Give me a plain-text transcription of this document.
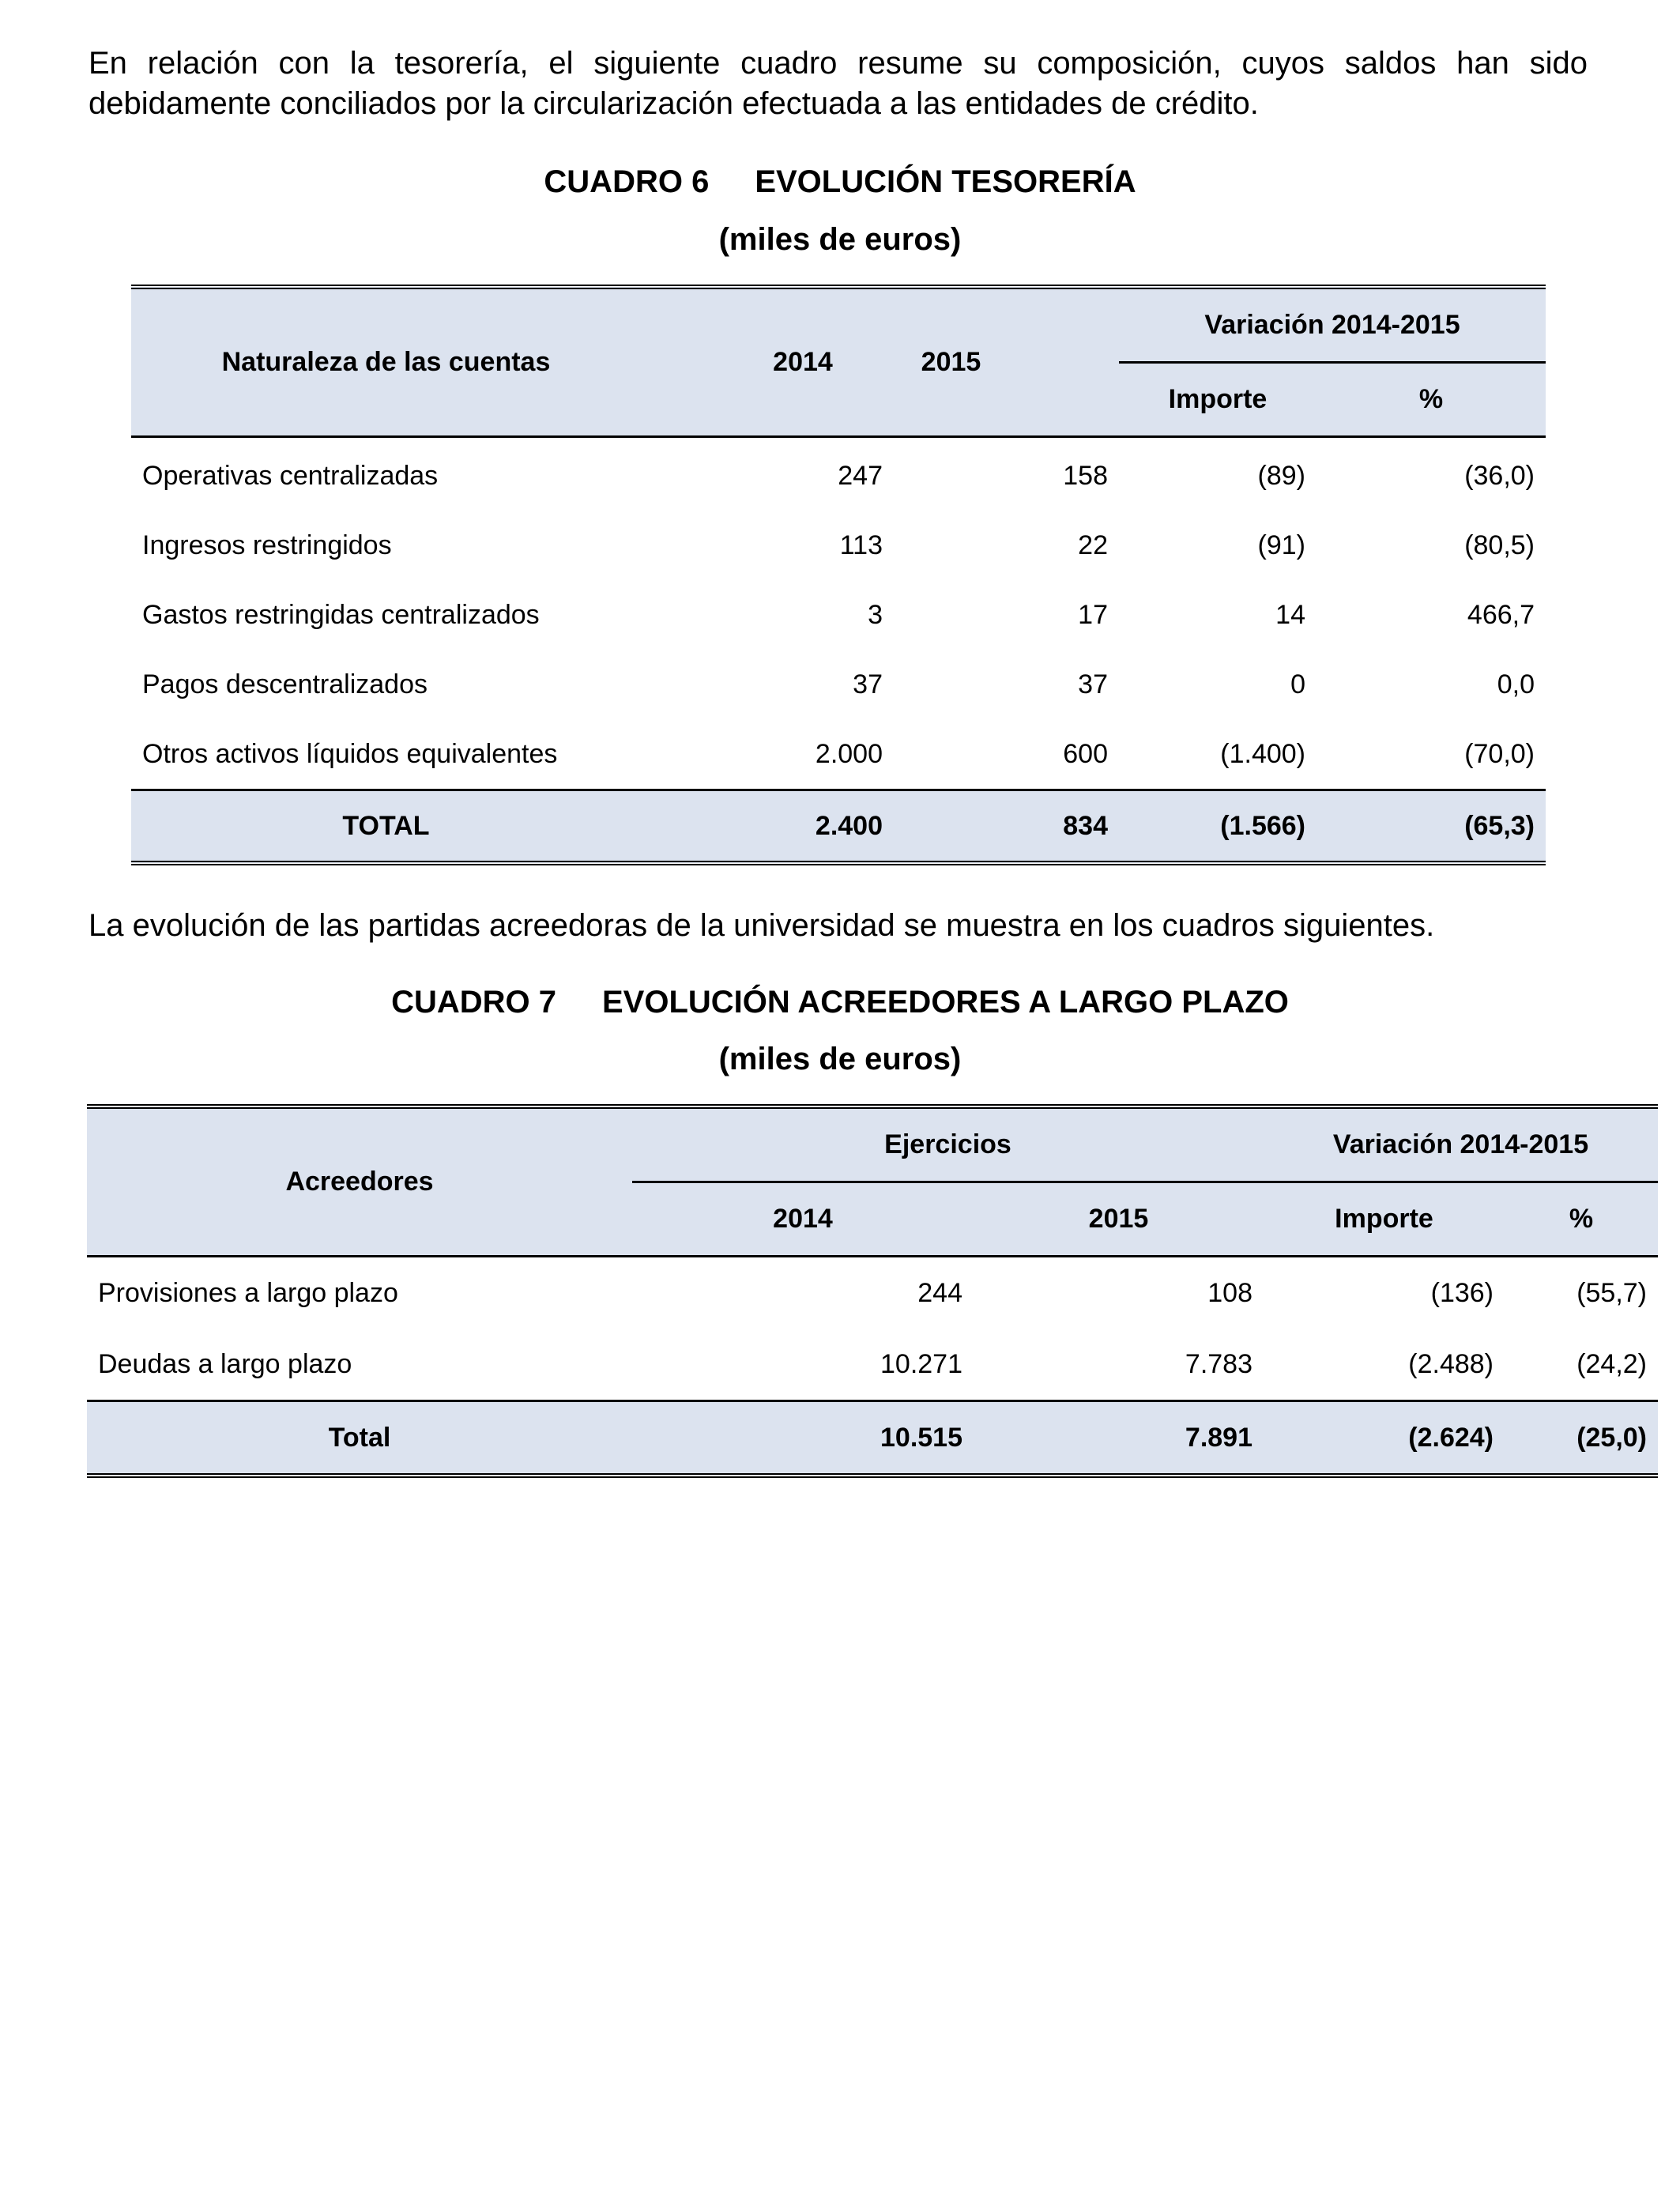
En relación con la tesorería, el siguiente cuadro resume su composición, cuyos saldos han sido debidamente conciliados por la circularización efectuada a las entidades de crédito.

CUADRO 6 EVOLUCIÓN TESORERÍA

(miles de euros)

Naturaleza de las cuentas	2014	2015	Variación 2014-2015	
			Importe	%
Operativas centralizadas	247	158	(89)	(36,0)
Ingresos restringidos	113	22	(91)	(80,5)
Gastos restringidas centralizados	3	17	14	466,7
Pagos descentralizados	37	37	0	0,0
Otros activos líquidos equivalentes	2.000	600	(1.400)	(70,0)
TOTAL	2.400	834	(1.566)	(65,3)

La evolución de las partidas acreedoras de la universidad se muestra en los cuadros siguientes.

CUADRO 7 EVOLUCIÓN ACREEDORES A LARGO PLAZO

(miles de euros)

Acreedores	Ejercicios		Variación 2014-2015	
	2014	2015	Importe	%
Provisiones a largo plazo	244	108	(136)	(55,7)
Deudas a largo plazo	10.271	7.783	(2.488)	(24,2)
Total	10.515	7.891	(2.624)	(25,0)
